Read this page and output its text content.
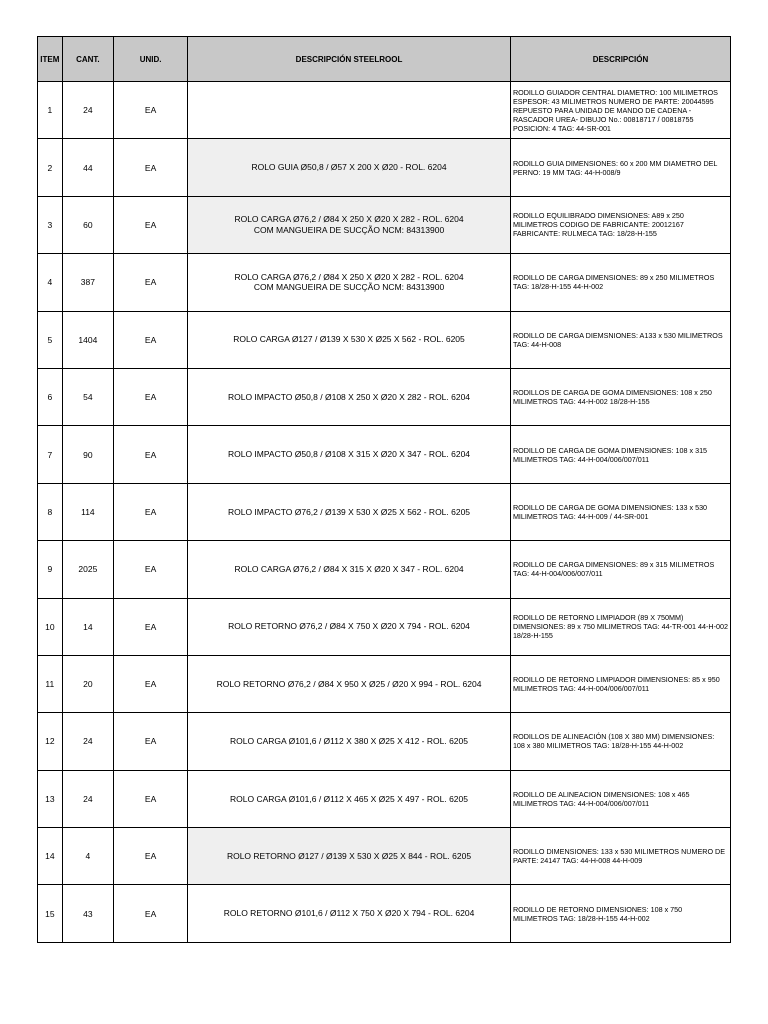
ITEM	CANT.	UNID.	DESCRIPCIÓN STEELROOL	DESCRIPCIÓN
1	24	EA		RODILLO GUIADOR CENTRAL DIAMETRO: 100 MILIMETROS ESPESOR: 43 MILIMETROS NUMERO DE PARTE: 20044595 REPUESTO PARA UNIDAD DE MANDO DE CADENA -RASCADOR UREA- DIBUJO No.: 00818717 / 00818755 POSICION: 4 TAG: 44-SR-001
2	44	EA	ROLO GUIA Ø50,8 / Ø57 X 200 X Ø20 - ROL. 6204	RODILLO GUIA DIMENSIONES: 60 x 200 MM DIAMETRO DEL PERNO: 19 MM TAG: 44-H-008/9
3	60	EA	ROLO CARGA Ø76,2 / Ø84 X 250 X Ø20 X 282 - ROL. 6204
COM MANGUEIRA DE SUCÇÃO NCM: 84313900	RODILLO EQUILIBRADO DIMENSIONES: A89 x 250 MILIMETROS CODIGO DE FABRICANTE: 20012167 FABRICANTE: RULMECA TAG: 18/28-H-155
4	387	EA	ROLO CARGA Ø76,2 / Ø84 X 250 X Ø20 X 282 - ROL. 6204
COM MANGUEIRA DE SUCÇÃO NCM: 84313900	RODILLO DE CARGA DIMENSIONES: 89 x 250 MILIMETROS TAG: 18/28-H-155 44-H-002
5	1404	EA	ROLO CARGA Ø127 / Ø139 X 530 X Ø25 X 562 - ROL. 6205	RODILLO DE CARGA DIEMSNIONES: A133 x 530 MILIMETROS TAG: 44-H-008
6	54	EA	ROLO IMPACTO Ø50,8 / Ø108 X 250 X Ø20 X 282 - ROL. 6204	RODILLOS DE CARGA DE GOMA DIMENSIONES: 108 x 250 MILIMETROS TAG: 44-H-002 18/28-H-155
7	90	EA	ROLO IMPACTO Ø50,8 / Ø108 X 315 X Ø20 X 347 - ROL. 6204	RODILLO DE CARGA DE GOMA DIMENSIONES: 108 x 315 MILIMETROS TAG: 44-H-004/006/007/011
8	114	EA	ROLO IMPACTO Ø76,2 / Ø139 X 530 X Ø25 X 562 - ROL. 6205	RODILLO DE CARGA DE GOMA DIMENSIONES: 133 x 530 MILIMETROS TAG: 44-H-009 / 44-SR-001
9	2025	EA	ROLO CARGA Ø76,2 / Ø84 X 315 X Ø20 X 347 - ROL. 6204	RODILLO DE CARGA DIMENSIONES: 89 x 315 MILIMETROS TAG: 44-H-004/006/007/011
10	14	EA	ROLO RETORNO Ø76,2 / Ø84 X 750 X Ø20 X 794 - ROL. 6204	RODILLO DE RETORNO LIMPIADOR (89 X 750MM) DIMENSIONES: 89 x 750 MILIMETROS TAG: 44-TR-001 44-H-002 18/28-H-155
11	20	EA	ROLO RETORNO Ø76,2 / Ø84 X 950 X Ø25 / Ø20 X 994 - ROL. 6204	RODILLO DE RETORNO LIMPIADOR DIMENSIONES: 85 x 950 MILIMETROS TAG: 44-H-004/006/007/011
12	24	EA	ROLO CARGA Ø101,6 / Ø112 X 380 X Ø25 X 412 - ROL. 6205	RODILLOS DE ALINEACIÓN (108 X 380 MM) DIMENSIONES: 108 x 380 MILIMETROS TAG: 18/28-H-155 44-H-002
13	24	EA	ROLO CARGA Ø101,6 / Ø112 X 465 X Ø25 X 497 - ROL. 6205	RODILLO DE ALINEACION DIMENSIONES: 108 x 465 MILIMETROS TAG: 44-H-004/006/007/011
14	4	EA	ROLO RETORNO Ø127 / Ø139 X 530 X Ø25 X 844 - ROL. 6205	RODILLO DIMENSIONES: 133 x 530 MILIMETROS NUMERO DE PARTE: 24147 TAG: 44-H-008 44-H-009
15	43	EA	ROLO RETORNO Ø101,6 / Ø112 X 750 X Ø20 X 794 - ROL. 6204	RODILLO DE RETORNO DIMENSIONES: 108 x 750 MILIMETROS TAG: 18/28-H-155 44-H-002
